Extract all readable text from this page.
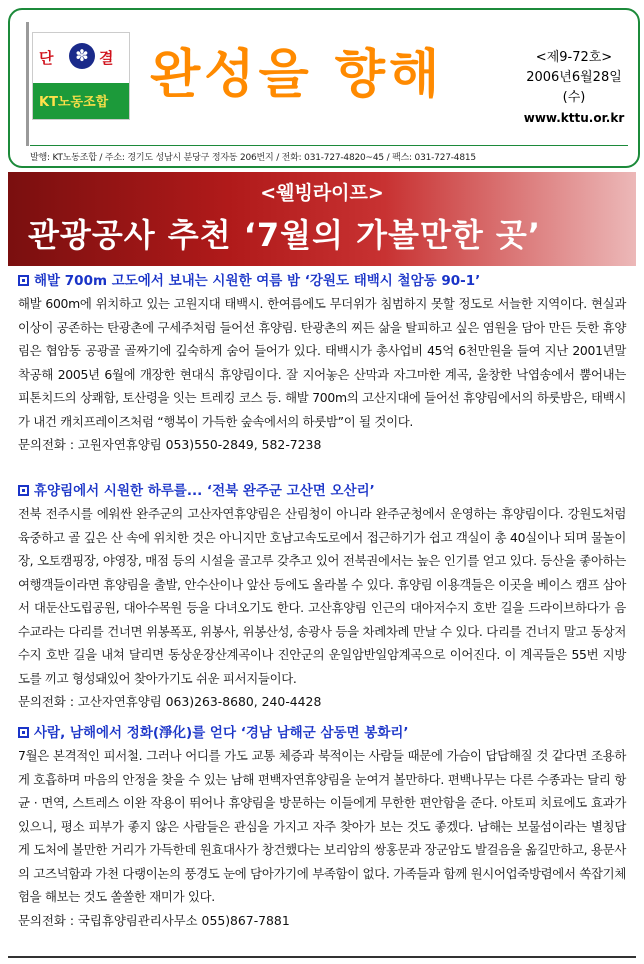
단	✽ 결
KT노동조합 완성을 향해	<제9-72호>
2006년6월28일(수)
www.kttu.or.kr
발행: KT노동조합 / 주소: 경기도 성남시 분당구 정자동 206번지 / 전화: 031-727-4820~45 / 팩스: 031-727-4815
<웰빙라이프>
관광공사 추천 ‘7월의 가볼만한 곳’
해발 700m 고도에서 보내는 시원한 여름 밤 ‘강원도 태백시 철암동 90-1’
해발 600m에 위치하고 있는 고원지대 태백시. 한여름에도 무더위가 침범하지 못할 정도로 서늘한 지역이다. 현실과 이상이 공존하는 탄광촌에 구세주처럼 들어선 휴양림. 탄광촌의 찌든 삶을 탈피하고 싶은 염원을 담아 만든 듯한 휴양림은 협암동 공광골 골짜기에 깊숙하게 숨어 들어가 있다. 태백시가 총사업비 45억 6천만원을 들여 지난 2001년말 착공해 2005년 6월에 개장한 현대식 휴양림이다. 잘 지어놓은 산막과 자그마한 계곡, 울창한 낙엽송에서 뿜어내는 피톤치드의 상쾌함, 토산령을 잇는 트레킹 코스 등. 해발 700m의 고산지대에 들어선 휴양림에서의 하룻밤은, 태백시가 내건 캐치프레이즈처럼 “행복이 가득한 숲속에서의 하룻밤”이 될 것이다.
문의전화 : 고원자연휴양림 053)550-2849, 582-7238
휴양림에서 시원한 하루를... ‘전북 완주군 고산면 오산리’
전북 전주시를 에워싼 완주군의 고산자연휴양림은 산림청이 아니라 완주군청에서 운영하는 휴양림이다. 강원도처럼 육중하고 골 깊은 산 속에 위치한 것은 아니지만 호남고속도로에서 접근하기가 쉽고 객실이 총 40실이나 되며 물놀이장, 오토캠핑장, 야영장, 매점 등의 시설을 골고루 갖추고 있어 전북권에서는 높은 인기를 얻고 있다. 등산을 좋아하는 여행객들이라면 휴양림을 출발, 안수산이나 앞산 등에도 올라볼 수 있다. 휴양림 이용객들은 이곳을 베이스 캠프 삼아서 대둔산도립공원, 대아수목원 등을 다녀오기도 한다. 고산휴양림 인근의 대아저수지 호반 길을 드라이브하다가 음수교라는 다리를 건너면 위봉폭포, 위봉사, 위봉산성, 송광사 등을 차례차례 만날 수 있다. 다리를 건너지 말고 동상저수지 호반 길을 내쳐 달리면 동상운장산계곡이나 진안군의 운일암반일암계곡으로 이어진다. 이 계곡들은 55번 지방도를 끼고 형성돼있어 찾아가기도 쉬운 피서지들이다.
문의전화 : 고산자연휴양림 063)263-8680, 240-4428
사람, 남해에서 정화(淨化)를 얻다 ‘경남 남해군 삼동면 봉화리’
7월은 본격적인 피서철. 그러나 어디를 가도 교통 체증과 북적이는 사람들 때문에 가슴이 답답해질 것 같다면 조용하게 호흡하며 마음의 안정을 찾을 수 있는 남해 편백자연휴양림을 눈여겨 볼만하다. 편백나무는 다른 수종과는 달리 항균 · 면역, 스트레스 이완 작용이 뛰어나 휴양림을 방문하는 이들에게 무한한 편안함을 준다. 아토피 치료에도 효과가 있으니, 평소 피부가 좋지 않은 사람들은 관심을 가지고 자주 찾아가 보는 것도 좋겠다. 남해는 보물섬이라는 별칭답게 도처에 볼만한 거리가 가득한데 원효대사가 창건했다는 보리암의 쌍홍문과 장군암도 발걸음을 옮길만하고, 용문사의 고즈넉함과 가천 다랭이논의 풍경도 눈에 담아가기에 부족함이 없다. 가족들과 함께 원시어업죽방렴에서 쏙잡기체험을 해보는 것도 쏠쏠한 재미가 있다.
문의전화 : 국립휴양림관리사무소 055)867-7881
